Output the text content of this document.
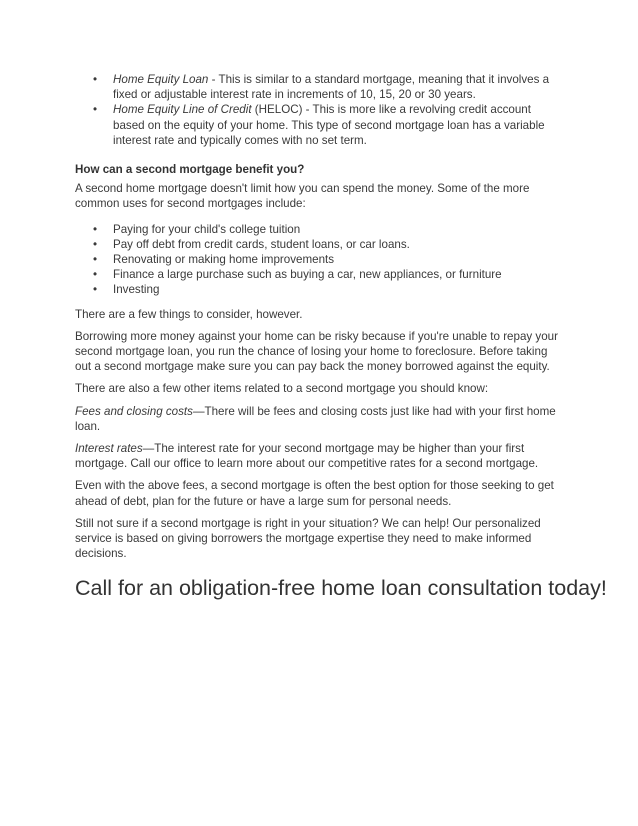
• Home Equity Loan - This is similar to a standard mortgage, meaning that it involves a fixed or adjustable interest rate in increments of 10, 15, 20 or 30 years.
• Home Equity Line of Credit (HELOC) - This is more like a revolving credit account based on the equity of your home. This type of second mortgage loan has a variable interest rate and typically comes with no set term.
How can a second mortgage benefit you?

A second home mortgage doesn't limit how you can spend the money. Some of the more common uses for second mortgages include:

• Paying for your child's college tuition
• Pay off debt from credit cards, student loans, or car loans.
• Renovating or making home improvements
• Finance a large purchase such as buying a car, new appliances, or furniture
• Investing

There are a few things to consider, however.

Borrowing more money against your home can be risky because if you're unable to repay your second mortgage loan, you run the chance of losing your home to foreclosure. Before taking out a second mortgage make sure you can pay back the money borrowed against the equity.

There are also a few other items related to a second mortgage you should know:

Fees and closing costs—There will be fees and closing costs just like had with your first home loan.

Interest rates—The interest rate for your second mortgage may be higher than your first mortgage. Call our office to learn more about our competitive rates for a second mortgage.

Even with the above fees, a second mortgage is often the best option for those seeking to get ahead of debt, plan for the future or have a large sum for personal needs.

Still not sure if a second mortgage is right in your situation? We can help! Our personalized service is based on giving borrowers the mortgage expertise they need to make informed decisions.

Call for an obligation-free home loan consultation today!
